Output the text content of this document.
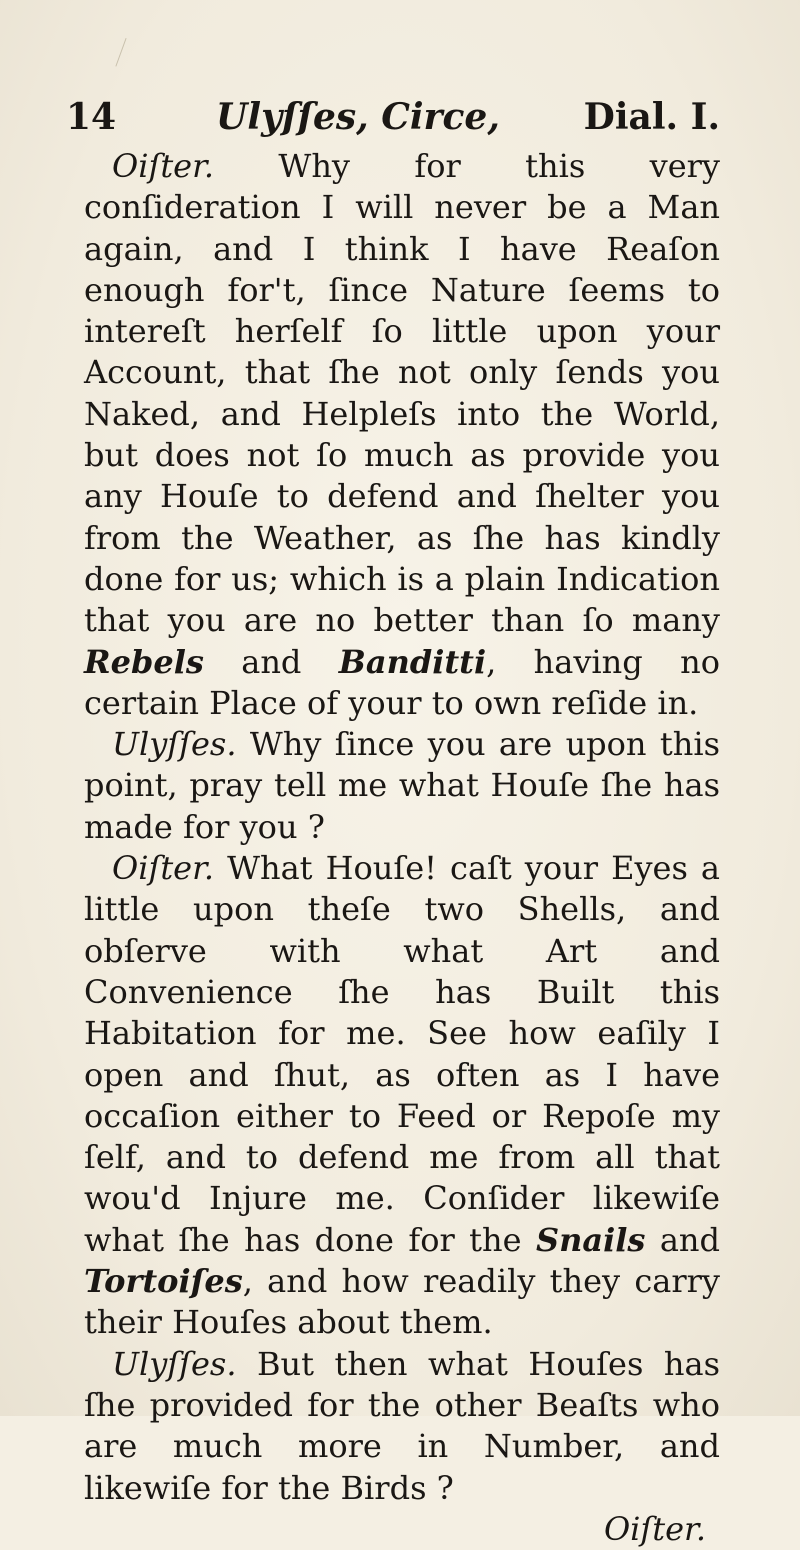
14	Ulyſſes, Circe, Dial. I.

Oiſter. Why for this very conſideration I will never be a Man again, and I think I have Reaſon enough for't, ſince Nature ſeems to intereſt herſelf ſo little upon your Account, that ſhe not only ſends you Naked, and Helpleſs into the World, but does not ſo much as provide you any Houſe to defend and ſhelter you from the Weather, as ſhe has kindly done for us; which is a plain Indication that you are no better than ſo many Rebels and Banditti, having no certain Place of your to own reſide in.

Ulyſſes. Why ſince you are upon this point, pray tell me what Houſe ſhe has made for you ?

Oiſter. What Houſe! caſt your Eyes a little upon theſe two Shells, and obſerve with what Art and Convenience ſhe has Built this Habitation for me. See how eaſily I open and ſhut, as often as I have occaſion either to Feed or Repoſe my ſelf, and to defend me from all that wou'd Injure me. Conſider likewiſe what ſhe has done for the Snails and Tortoiſes, and how readily they carry their Houſes about them.

Ulyſſes. But then what Houſes has ſhe provided for the other Beaſts who are much more in Number, and likewiſe for the Birds ?

Oiſter.
